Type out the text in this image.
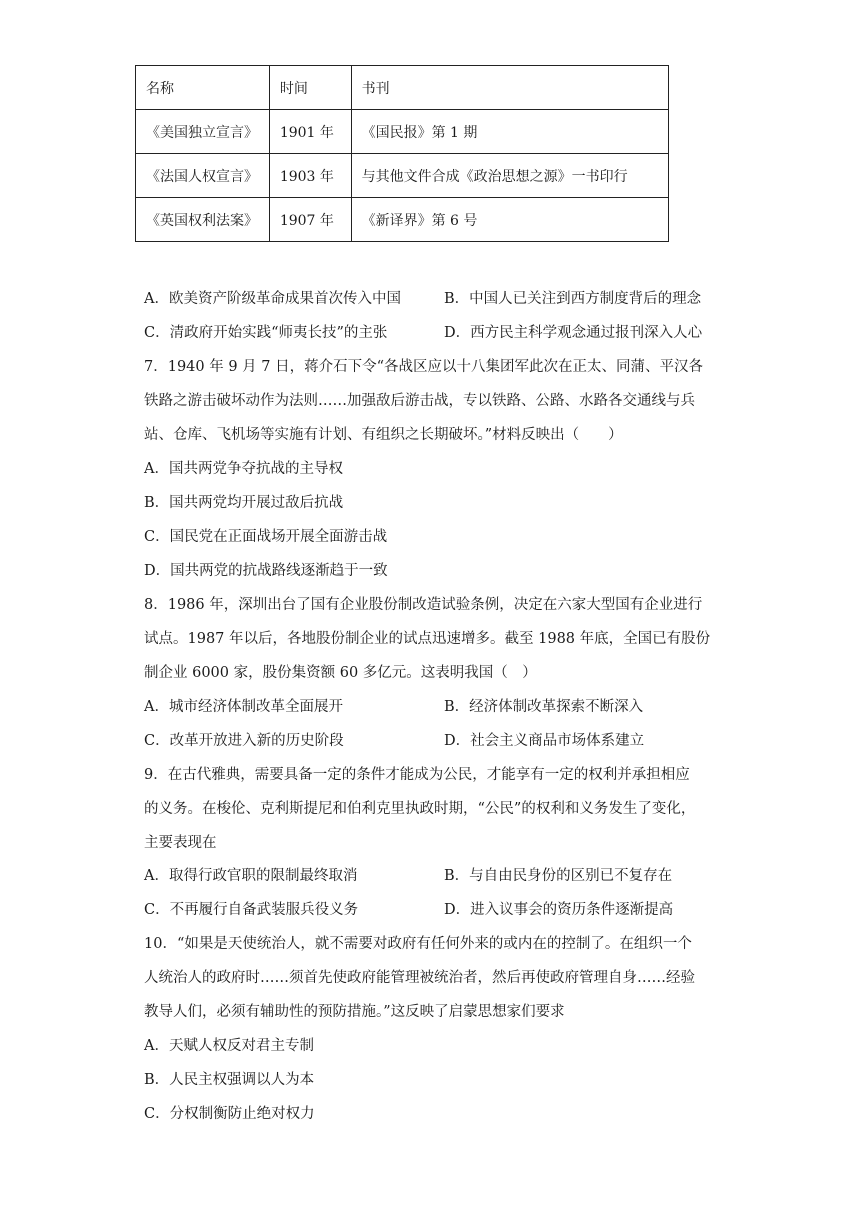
名称	时间	书刊
《美国独立宣言》	1901 年	《国民报》第 1 期
《法国人权宣言》	1903 年	与其他文件合成《政治思想之源》一书印行
《英国权利法案》	1907 年	《新译界》第 6 号
A．欧美资产阶级革命成果首次传入中国	B．中国人已关注到西方制度背后的理念
C．清政府开始实践“师夷长技”的主张	D．西方民主科学观念通过报刊深入人心
7．1940 年 9 月 7 日，蒋介石下令“各战区应以十八集团军此次在正太、同蒲、平汉各
铁路之游击破坏动作为法则……加强敌后游击战，专以铁路、公路、水路各交通线与兵
站、仓库、飞机场等实施有计划、有组织之长期破坏。”材料反映出（　　）
A．国共两党争夺抗战的主导权
B．国共两党均开展过敌后抗战
C．国民党在正面战场开展全面游击战
D．国共两党的抗战路线逐渐趋于一致
8．1986 年，深圳出台了国有企业股份制改造试验条例，决定在六家大型国有企业进行
试点。1987 年以后，各地股份制企业的试点迅速增多。截至 1988 年底，全国已有股份
制企业 6000 家，股份集资额 60 多亿元。这表明我国（　）
A．城市经济体制改革全面展开	B．经济体制改革探索不断深入
C．改革开放进入新的历史阶段	D．社会主义商品市场体系建立
9．在古代雅典，需要具备一定的条件才能成为公民，才能享有一定的权利并承担相应
的义务。在梭伦、克利斯提尼和伯利克里执政时期，“公民”的权利和义务发生了变化，
主要表现在
A．取得行政官职的限制最终取消	B．与自由民身份的区别已不复存在
C．不再履行自备武装服兵役义务	D．进入议事会的资历条件逐渐提高
10．“如果是天使统治人，就不需要对政府有任何外来的或内在的控制了。在组织一个
人统治人的政府时……须首先使政府能管理被统治者，然后再使政府管理自身……经验
教导人们，必须有辅助性的预防措施。”这反映了启蒙思想家们要求
A．天赋人权反对君主专制
B．人民主权强调以人为本
C．分权制衡防止绝对权力
